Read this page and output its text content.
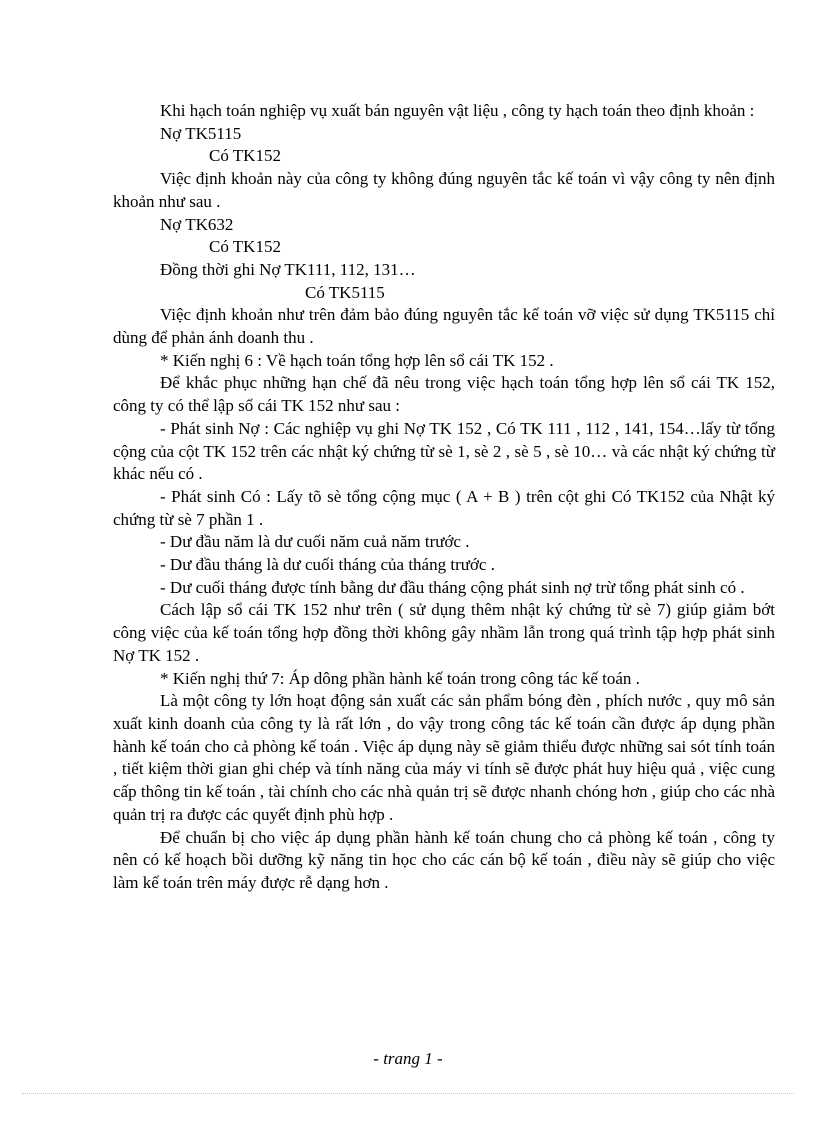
Khi hạch toán nghiệp vụ xuất bán nguyên vật liệu , công ty hạch toán theo định khoản :

Nợ TK5115

Có TK152

Việc định khoản này của công ty không đúng nguyên tắc kế toán vì vậy công ty nên định khoản như sau .

Nợ TK632

Có TK152

Đồng thời ghi Nợ TK111, 112, 131…

Có TK5115

Việc định khoản như trên đảm bảo đúng nguyên tắc kế toán vỡ việc sử dụng TK5115 chỉ dùng để phản ánh doanh thu .

* Kiến nghị 6 : Về hạch toán tổng hợp lên sổ cái TK 152 .

Để khắc phục những hạn chế đã nêu trong việc hạch toán tổng hợp lên sổ cái TK 152, công ty có thể lập sổ cái TK 152 như sau :

- Phát sinh Nợ : Các nghiệp vụ ghi Nợ TK 152 , Có TK 111 , 112 , 141, 154…lấy từ tổng cộng của cột TK 152 trên các nhật ký chứng từ sè 1, sè 2 , sè 5 , sè 10… và các nhật ký chứng từ khác nếu có .

- Phát sinh Có : Lấy tõ sè tổng cộng mục ( A + B ) trên cột ghi Có TK152 của Nhật ký chứng từ sè 7 phần 1 .

- Dư đầu năm là dư cuối năm cuả năm trước .

- Dư đầu tháng là dư cuối tháng của tháng trước .

- Dư cuối tháng được tính bằng dư đầu tháng cộng phát sinh nợ trừ tổng phát sinh có .

Cách lập sổ cái TK 152 như trên ( sử dụng thêm nhật ký chứng từ sè 7) giúp giảm bớt công việc của kế toán tổng hợp đồng thời không gây nhầm lẫn trong quá trình tập hợp phát sinh Nợ TK 152 .

* Kiến nghị thứ 7: Áp dông phần hành kế toán trong công tác kế toán .

Là một công ty lớn hoạt động sản xuất các sản phẩm bóng đèn , phích nước , quy mô sản xuất kinh doanh của công ty là rất lớn , do vậy trong công tác kế toán cần được áp dụng phần hành kế toán cho cả phòng kế toán . Việc áp dụng này sẽ giảm thiểu được những sai sót tính toán , tiết kiệm thời gian ghi chép và tính năng của máy vi tính sẽ được phát huy hiệu quả , việc cung cấp thông tin kế toán , tài chính cho các nhà quản trị sẽ được nhanh chóng hơn , giúp cho các nhà quản trị ra được các quyết định phù hợp .

Để chuẩn bị cho việc áp dụng phần hành kế toán chung cho cả phòng kế toán , công ty nên có kế hoạch bồi dưỡng kỹ năng tin học cho các cán bộ kế toán , điều này sẽ giúp cho việc làm kế toán trên máy được rễ dạng hơn .

- trang 1 -
